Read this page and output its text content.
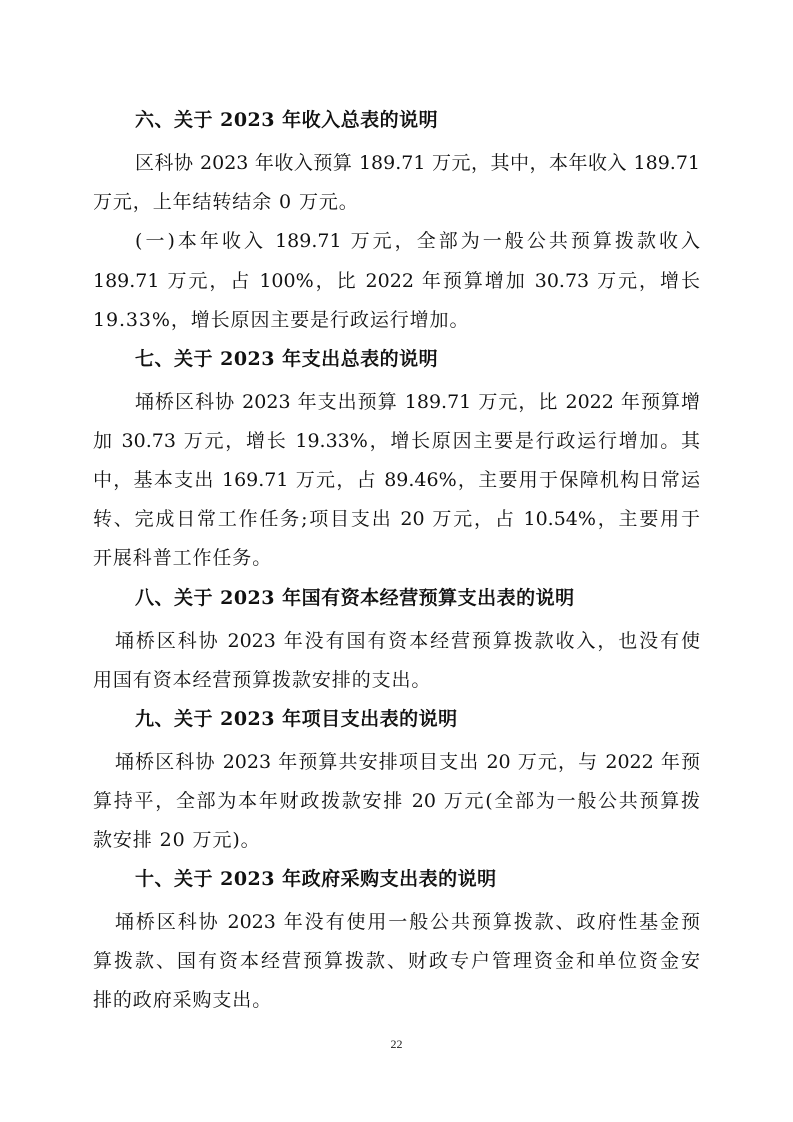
六、关于 2023 年收入总表的说明

区科协 2023 年收入预算 189.71 万元，其中，本年收入 189.71

万元，上年结转结余 0 万元。

(一)本年收入 189.71 万元，全部为一般公共预算拨款收入

189.71 万元，占 100%，比 2022 年预算增加 30.73 万元，增长

19.33%，增长原因主要是行政运行增加。

七、关于 2023 年支出总表的说明

埇桥区科协 2023 年支出预算 189.71 万元，比 2022 年预算增

加 30.73 万元，增长 19.33%，增长原因主要是行政运行增加。其

中，基本支出 169.71 万元，占 89.46%，主要用于保障机构日常运

转、完成日常工作任务;项目支出 20 万元，占 10.54%，主要用于

开展科普工作任务。

八、关于 2023 年国有资本经营预算支出表的说明

埇桥区科协 2023 年没有国有资本经营预算拨款收入，也没有使

用国有资本经营预算拨款安排的支出。

九、关于 2023 年项目支出表的说明

埇桥区科协 2023 年预算共安排项目支出 20 万元，与 2022 年预

算持平，全部为本年财政拨款安排 20 万元(全部为一般公共预算拨

款安排 20 万元)。

十、关于 2023 年政府采购支出表的说明

埇桥区科协 2023 年没有使用一般公共预算拨款、政府性基金预

算拨款、国有资本经营预算拨款、财政专户管理资金和单位资金安

排的政府采购支出。

22
